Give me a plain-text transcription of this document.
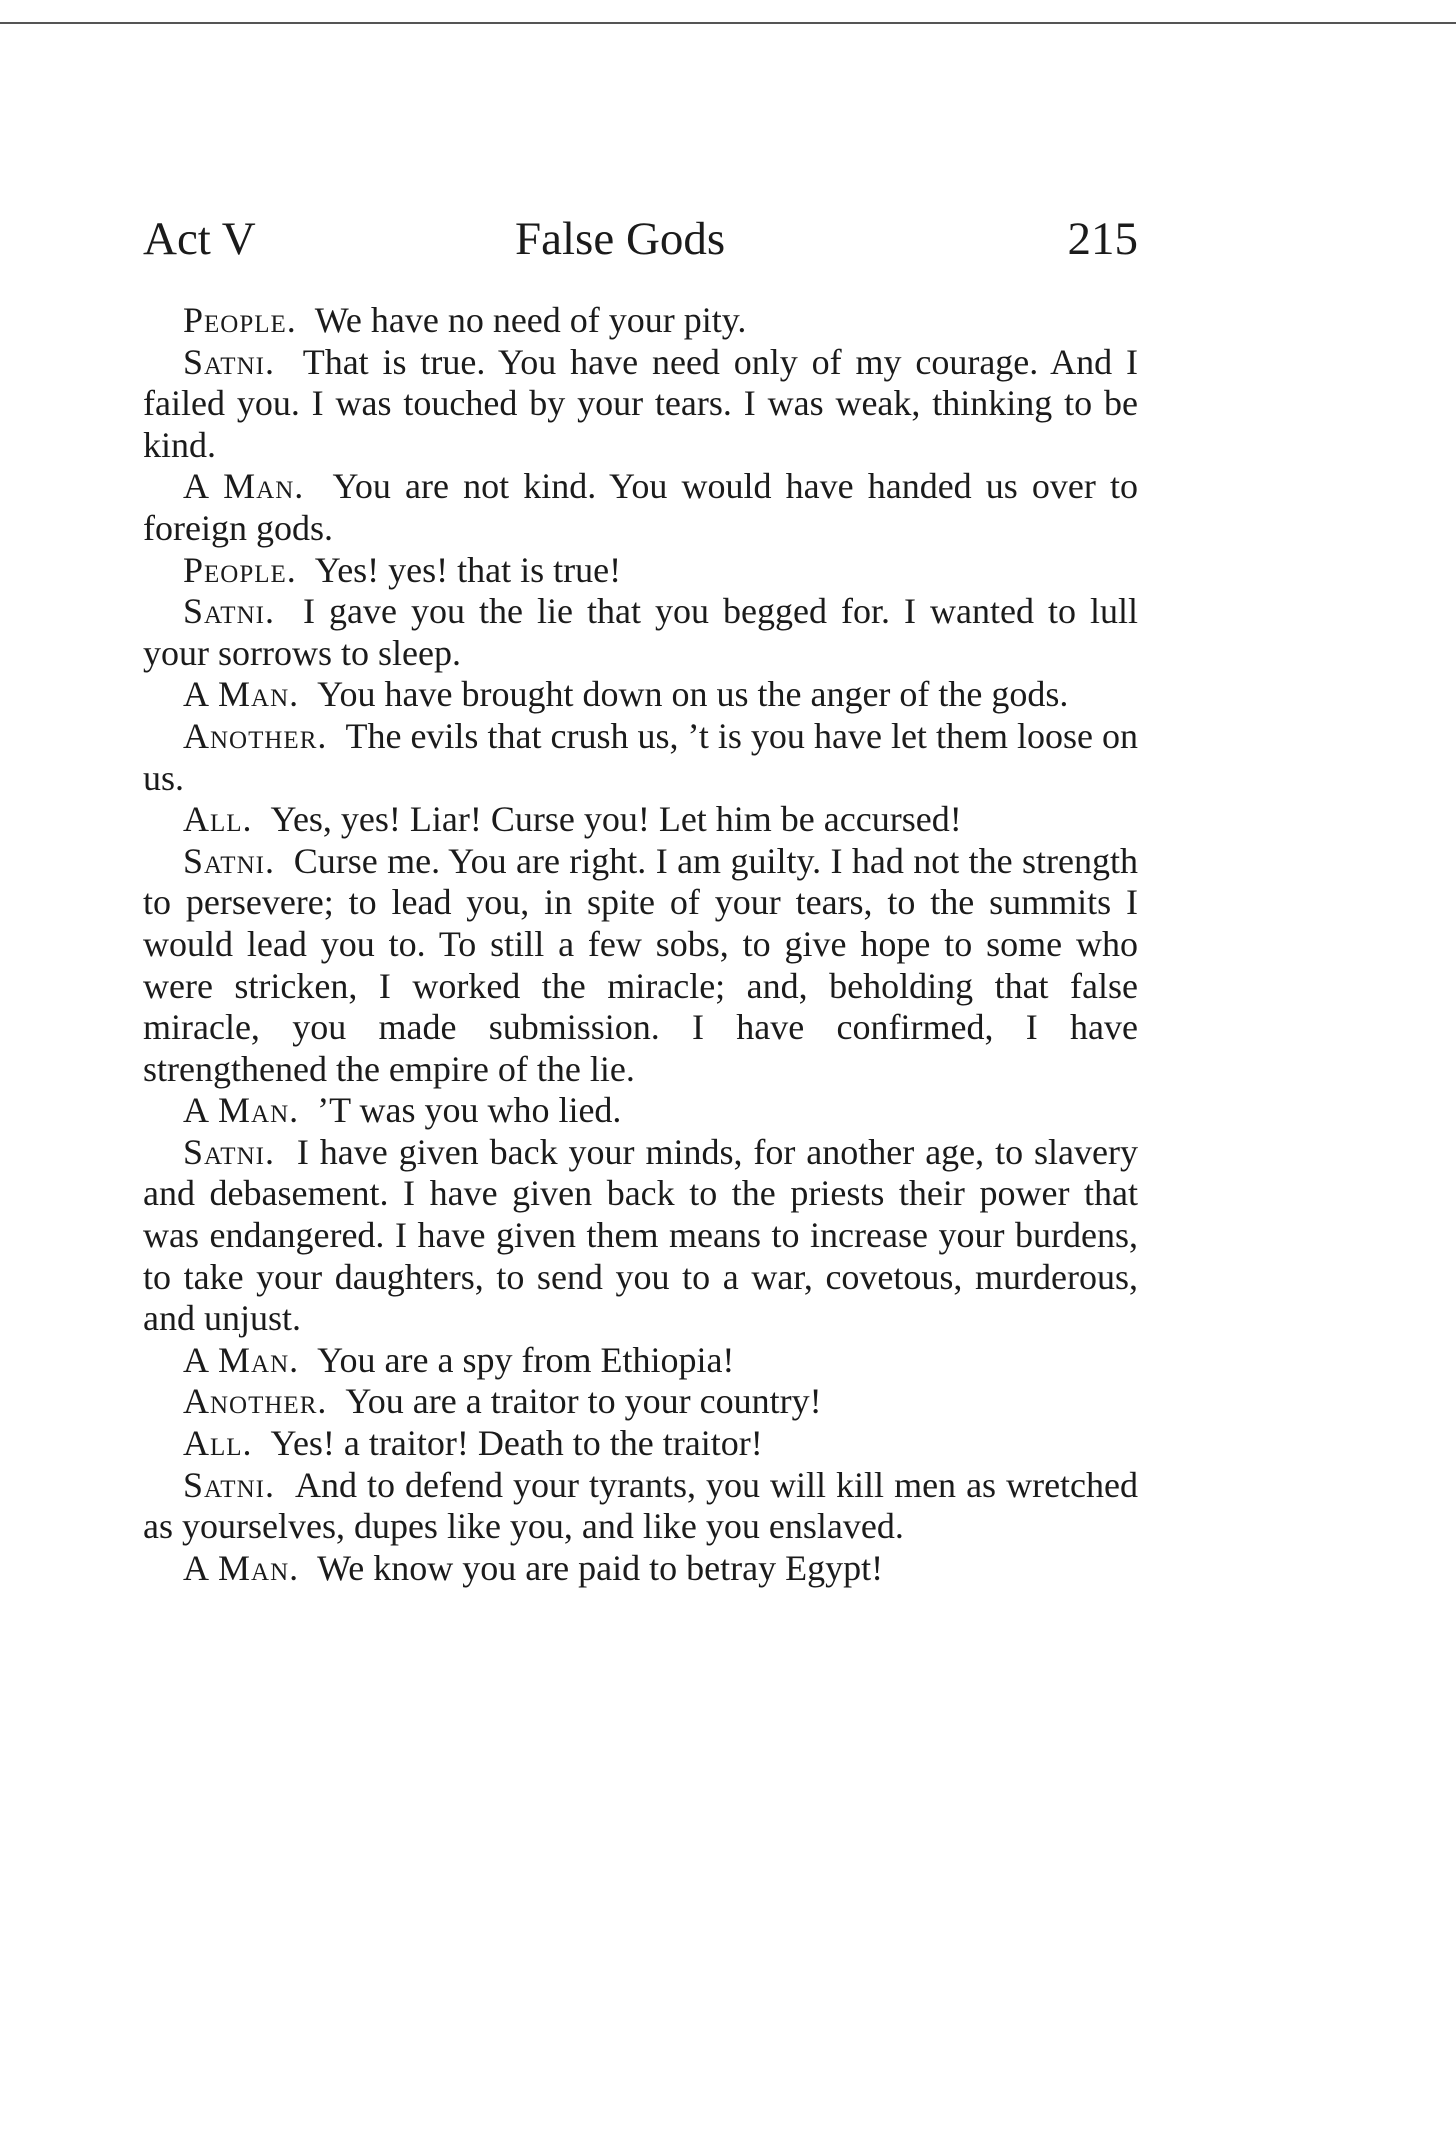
Act V	False Gods	215

People. We have no need of your pity.

Satni. That is true. You have need only of my courage. And I failed you. I was touched by your tears. I was weak, thinking to be kind.

A Man. You are not kind. You would have handed us over to foreign gods.

People. Yes! yes! that is true!

Satni. I gave you the lie that you begged for. I wanted to lull your sorrows to sleep.

A Man. You have brought down on us the anger of the gods.

Another. The evils that crush us, ’t is you have let them loose on us.

All. Yes, yes! Liar! Curse you! Let him be accursed!

Satni. Curse me. You are right. I am guilty. I had not the strength to persevere; to lead you, in spite of your tears, to the summits I would lead you to. To still a few sobs, to give hope to some who were stricken, I worked the miracle; and, beholding that false miracle, you made submission. I have confirmed, I have strengthened the empire of the lie.

A Man. ’T was you who lied.

Satni. I have given back your minds, for another age, to slavery and debasement. I have given back to the priests their power that was endangered. I have given them means to increase your burdens, to take your daughters, to send you to a war, covetous, murderous, and unjust.

A Man. You are a spy from Ethiopia!

Another. You are a traitor to your country!

All. Yes! a traitor! Death to the traitor!

Satni. And to defend your tyrants, you will kill men as wretched as yourselves, dupes like you, and like you enslaved.

A Man. We know you are paid to betray Egypt!
